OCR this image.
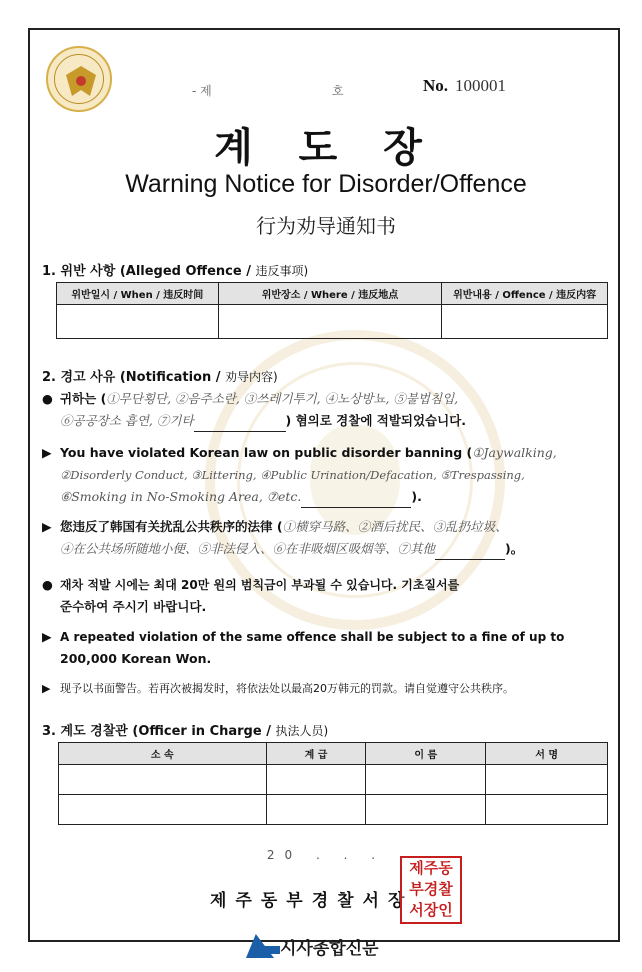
- 제	호	No. 100001
계 도 장
Warning Notice for Disorder/Offence
行为劝导通知书
1. 위반 사항 (Alleged Offence / 违反事项)
위반일시 / When / 违反时间	위반장소 / Where / 违反地点	위반내용 / Offence / 违反内容

2. 경고 사유 (Notification / 劝导内容)
● 귀하는 (①무단횡단, ②음주소란, ③쓰레기투기, ④노상방뇨, ⑤불법침입,
⑥공공장소 흡연, ⑦기타	) 혐의로 경찰에 적발되었습니다.
▶ You have violated Korean law on public disorder banning (①Jaywalking,
②Disorderly Conduct, ③Littering, ④Public Urination/Defacation, ⑤Trespassing,
⑥Smoking in No-Smoking Area, ⑦etc.	).
▶ 您违反了韩国有关扰乱公共秩序的法律 (①横穿马路、②酒后扰民、③乱扔垃圾、
④在公共场所随地小便、⑤非法侵入、⑥在非吸烟区吸烟等、⑦其他	)。
● 재차 적발 시에는 최대 20만 원의 범칙금이 부과될 수 있습니다. 기초질서를
준수하여 주시기 바랍니다.
▶ A repeated violation of the same offence shall be subject to a fine of up to
200,000 Korean Won.
▶ 现予以书面警告。若再次被揭发时，将依法处以最高20万韩元的罚款。请自觉遵守公共秩序。
3. 계도 경찰관 (Officer in Charge / 执法人员)
소 속	계 급	이 름	서 명

20 . . .
제주동부경찰서장
제주동
부경찰
서장인
시사종합신문
